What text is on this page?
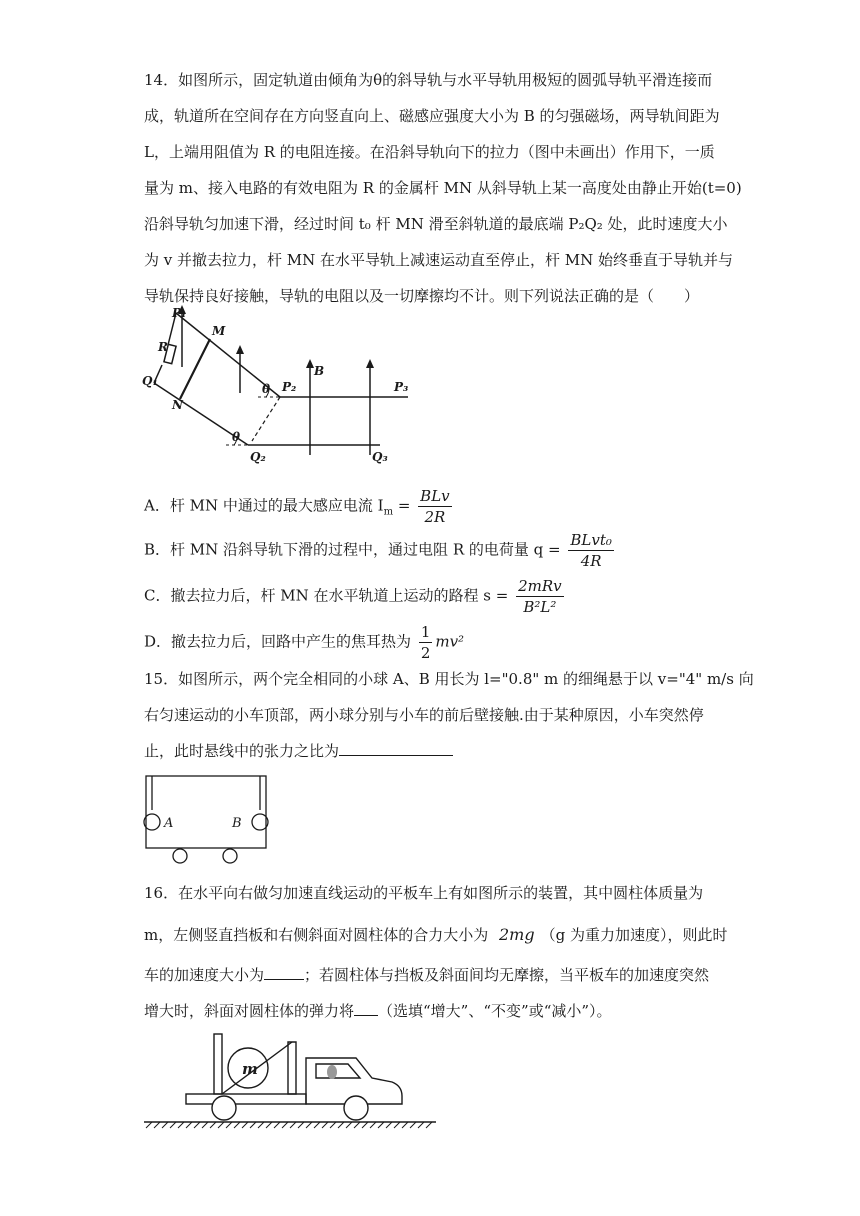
14．如图所示，固定轨道由倾角为θ的斜导轨与水平导轨用极短的圆弧导轨平滑连接而
成，轨道所在空间存在方向竖直向上、磁感应强度大小为 B 的匀强磁场，两导轨间距为
L，上端用阻值为 R 的电阻连接。在沿斜导轨向下的拉力（图中未画出）作用下，一质
量为 m、接入电路的有效电阻为 R 的金属杆 MN 从斜导轨上某一高度处由静止开始(t=0)
沿斜导轨匀加速下滑，经过时间 t₀ 杆 MN 滑至斜轨道的最底端 P₂Q₂ 处，此时速度大小
为 v 并撤去拉力，杆 MN 在水平导轨上减速运动直至停止，杆 MN 始终垂直于导轨并与
导轨保持良好接触，导轨的电阻以及一切摩擦均不计。则下列说法正确的是（　　）
P₁
M
R
Q₁
N
θ P₂
B
P₃
θ
Q₂	Q₃
A．杆 MN 中通过的最大感应电流 $I_m = \frac{\text{BLv}}{2R}$
B．杆 MN 沿斜导轨下滑的过程中，通过电阻 R 的电荷量 $q = \frac{\text{BLvt₀}}{4R}$
C．撤去拉力后，杆 MN 在水平轨道上运动的路程 $s = \frac{\text{2mRv}}{\text{B²L²}}$
D．撤去拉力后，回路中产生的焦耳热为 $\frac{1}{2} mv^2$
15．如图所示，两个完全相同的小球 A、B 用长为 l="0.8" m 的细绳悬于以 v="4" m/s 向
右匀速运动的小车顶部，两小球分别与小车的前后壁接触.由于某种原因，小车突然停
止，此时悬线中的张力之比为
A	B
16．在水平向右做匀加速直线运动的平板车上有如图所示的装置，其中圆柱体质量为
m，左侧竖直挡板和右侧斜面对圆柱体的合力大小为 2mg （g 为重力加速度），则此时
车的加速度大小为	；若圆柱体与挡板及斜面间均无摩擦，当平板车的加速度突然
增大时，斜面对圆柱体的弹力将 （选填“增大”、“不变”或“减小”）。
m
